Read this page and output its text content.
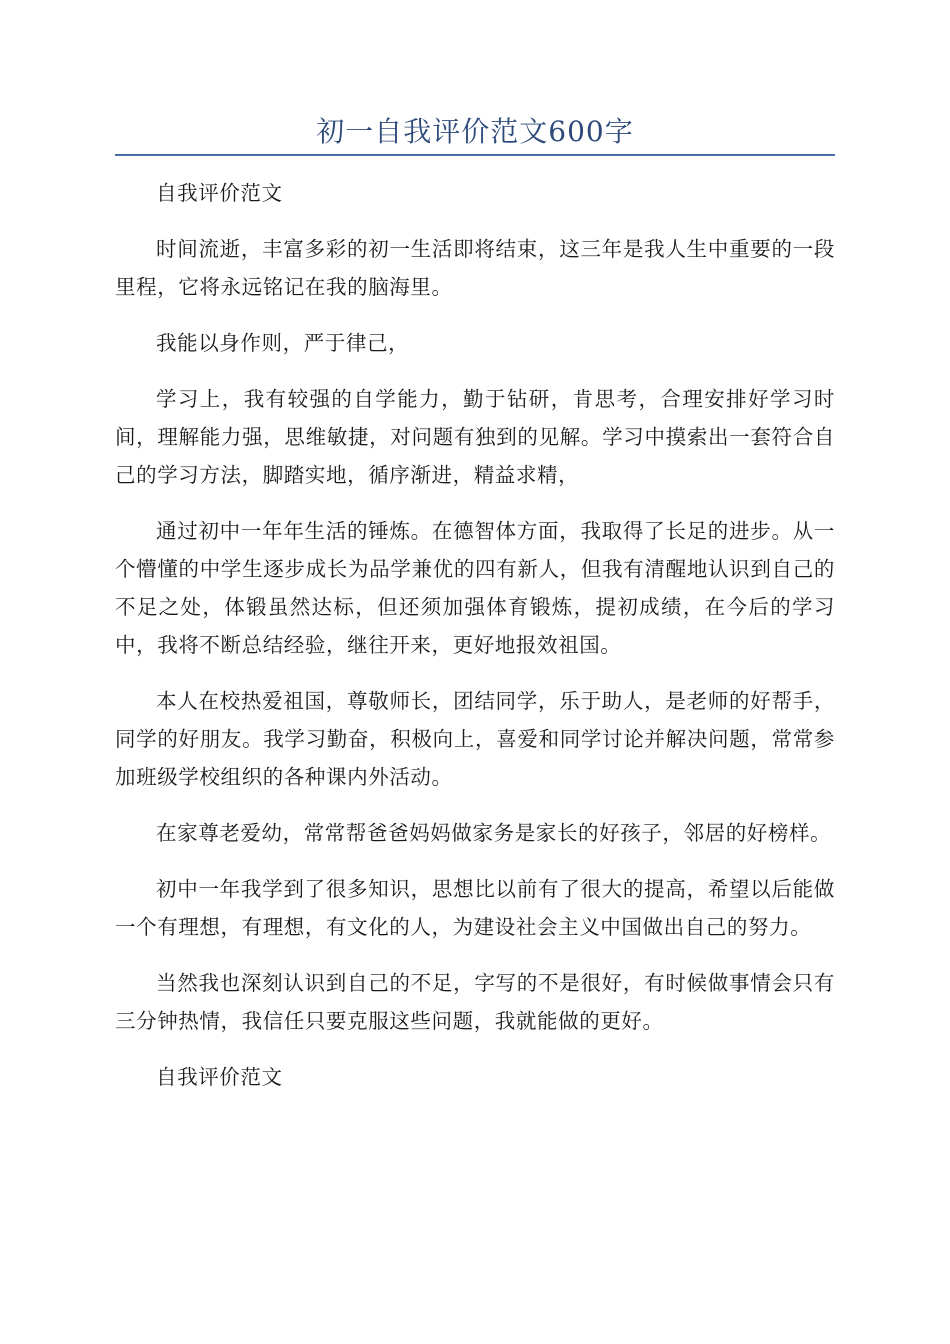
初一自我评价范文600字

自我评价范文

时间流逝，丰富多彩的初一生活即将结束，这三年是我人生中重要的一段里程，它将永远铭记在我的脑海里。

我能以身作则，严于律己，

学习上，我有较强的自学能力，勤于钻研，肯思考，合理安排好学习时间，理解能力强，思维敏捷，对问题有独到的见解。学习中摸索出一套符合自己的学习方法，脚踏实地，循序渐进，精益求精，

通过初中一年年生活的锤炼。在德智体方面，我取得了长足的进步。从一个懵懂的中学生逐步成长为品学兼优的四有新人，但我有清醒地认识到自己的不足之处，体锻虽然达标，但还须加强体育锻炼，提初成绩，在今后的学习中，我将不断总结经验，继往开来，更好地报效祖国。

本人在校热爱祖国，尊敬师长，团结同学，乐于助人，是老师的好帮手，同学的好朋友。我学习勤奋，积极向上，喜爱和同学讨论并解决问题，常常参加班级学校组织的各种课内外活动。

在家尊老爱幼，常常帮爸爸妈妈做家务是家长的好孩子，邻居的好榜样。

初中一年我学到了很多知识，思想比以前有了很大的提高，希望以后能做一个有理想，有理想，有文化的人，为建设社会主义中国做出自己的努力。

当然我也深刻认识到自己的不足，字写的不是很好，有时候做事情会只有三分钟热情，我信任只要克服这些问题，我就能做的更好。

自我评价范文
